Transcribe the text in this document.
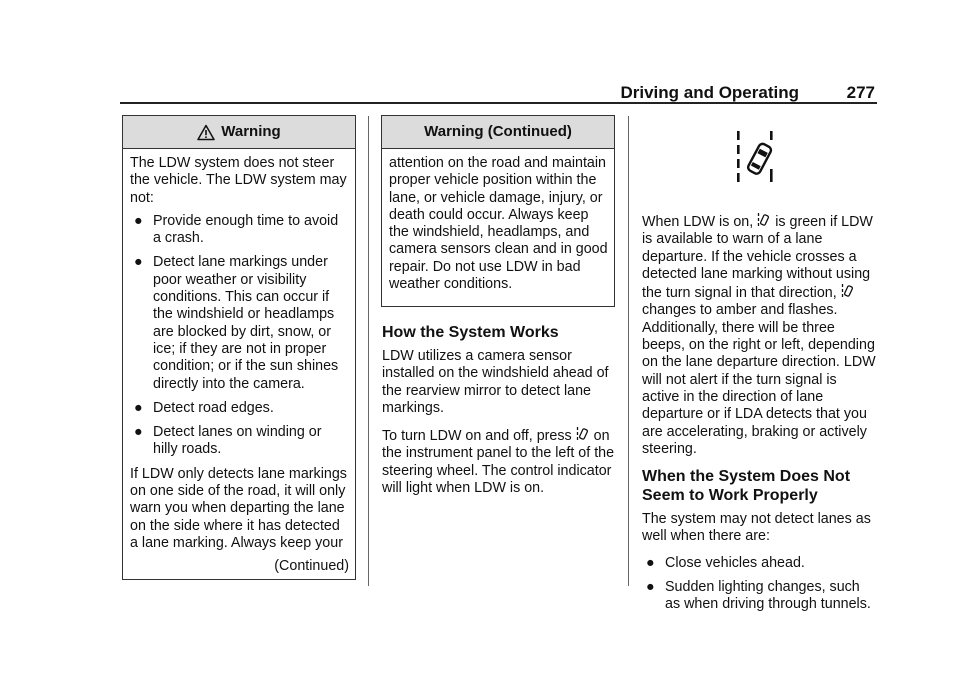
Driving and Operating	277
Warning

The LDW system does not steer the vehicle. The LDW system may not:

● Provide enough time to avoid a crash.
● Detect lane markings under poor weather or visibility conditions. This can occur if the windshield or headlamps are blocked by dirt, snow, or ice; if they are not in proper condition; or if the sun shines directly into the camera.
● Detect road edges.
● Detect lanes on winding or hilly roads.

If LDW only detects lane markings on one side of the road, it will only warn you when departing the lane on the side where it has detected a lane marking. Always keep your

(Continued)
Warning (Continued)

attention on the road and maintain proper vehicle position within the lane, or vehicle damage, injury, or death could occur. Always keep the windshield, headlamps, and camera sensors clean and in good repair. Do not use LDW in bad weather conditions.

How the System Works

LDW utilizes a camera sensor installed on the windshield ahead of the rearview mirror to detect lane markings.

To turn LDW on and off, press on the instrument panel to the left of the steering wheel. The control indicator will light when LDW is on.

When LDW is on, is green if LDW is available to warn of a lane departure. If the vehicle crosses a detected lane marking without using the turn signal in that direction,  changes to amber and flashes. Additionally, there will be three beeps, on the right or left, depending on the lane departure direction. LDW will not alert if the turn signal is active in the direction of lane departure or if LDA detects that you are accelerating, braking or actively steering.

When the System Does Not Seem to Work Properly

The system may not detect lanes as well when there are:

● Close vehicles ahead.
● Sudden lighting changes, such as when driving through tunnels.
